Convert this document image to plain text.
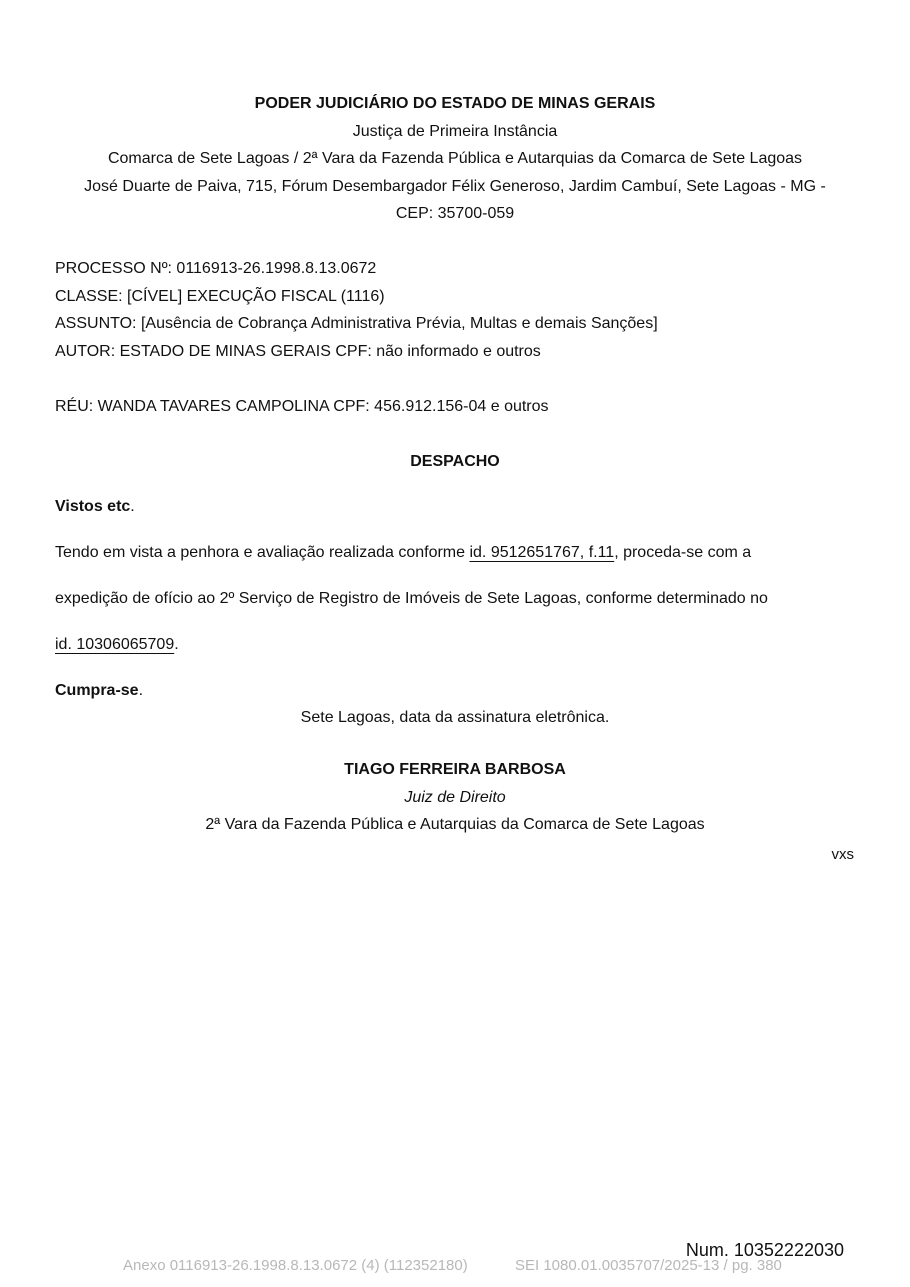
PODER JUDICIÁRIO DO ESTADO DE MINAS GERAIS
Justiça de Primeira Instância
Comarca de Sete Lagoas / 2ª Vara da Fazenda Pública e Autarquias da Comarca de Sete Lagoas
José Duarte de Paiva, 715, Fórum Desembargador Félix Generoso, Jardim Cambuí, Sete Lagoas - MG -
CEP: 35700-059
PROCESSO Nº: 0116913-26.1998.8.13.0672
CLASSE: [CÍVEL] EXECUÇÃO FISCAL (1116)
ASSUNTO: [Ausência de Cobrança Administrativa Prévia, Multas e demais Sanções]
AUTOR: ESTADO DE MINAS GERAIS CPF: não informado e outros
RÉU: WANDA TAVARES CAMPOLINA CPF: 456.912.156-04 e outros
DESPACHO
Vistos etc.
Tendo em vista a penhora e avaliação realizada conforme id. 9512651767, f.11, proceda-se com a
expedição de ofício ao 2º Serviço de Registro de Imóveis de Sete Lagoas, conforme determinado no
id. 10306065709.
Cumpra-se.
Sete Lagoas, data da assinatura eletrônica.
TIAGO FERREIRA BARBOSA
Juiz de Direito
2ª Vara da Fazenda Pública e Autarquias da Comarca de Sete Lagoas
vxs
Num. 10352222030
Anexo 0116913-26.1998.8.13.0672 (4) (112352180)	SEI 1080.01.0035707/2025-13 / pg. 380
